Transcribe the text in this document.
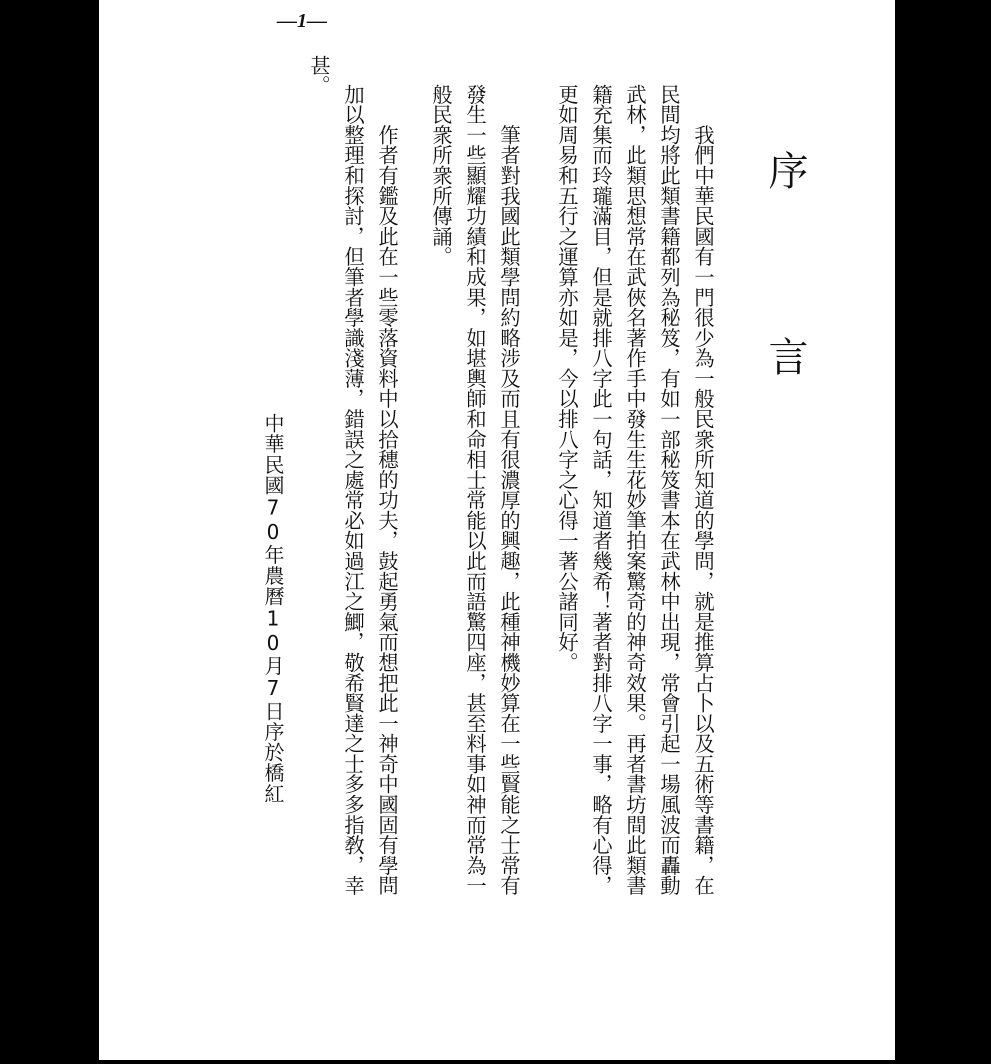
—1—
序 言
　　我們中華民國有一門很少為一般民衆所知道的學問，就是推算占卜以及五術等書籍，在
民間均將此類書籍都列為秘笈，有如一部秘笈書本在武林中出現，常會引起一場風波而轟動
武林，此類思想常在武俠名著作手中發生生花妙筆拍案驚奇的神奇效果。再者書坊間此類書
籍充集而玲瓏滿目，但是就排八字此一句話，知道者幾希！著者對排八字一事，略有心得，
更如周易和五行之運算亦如是，今以排八字之心得一著公諸同好。
　　筆者對我國此類學問約略涉及而且有很濃厚的興趣，此種神機妙算在一些賢能之士常有
發生一些顯耀功績和成果，如堪輿師和命相士常能以此而語驚四座，甚至料事如神而常為一
般民衆所衆所傳誦。
　　作者有鑑及此在一些零落資料中以拾穗的功夫，鼓起勇氣而想把此一神奇中國固有學問
加以整理和探討，但筆者學識淺薄，錯誤之處常必如過江之鯽，敬希賢達之士多多指敎，幸
甚。
中華民國70年農曆10月7日序於橋紅
